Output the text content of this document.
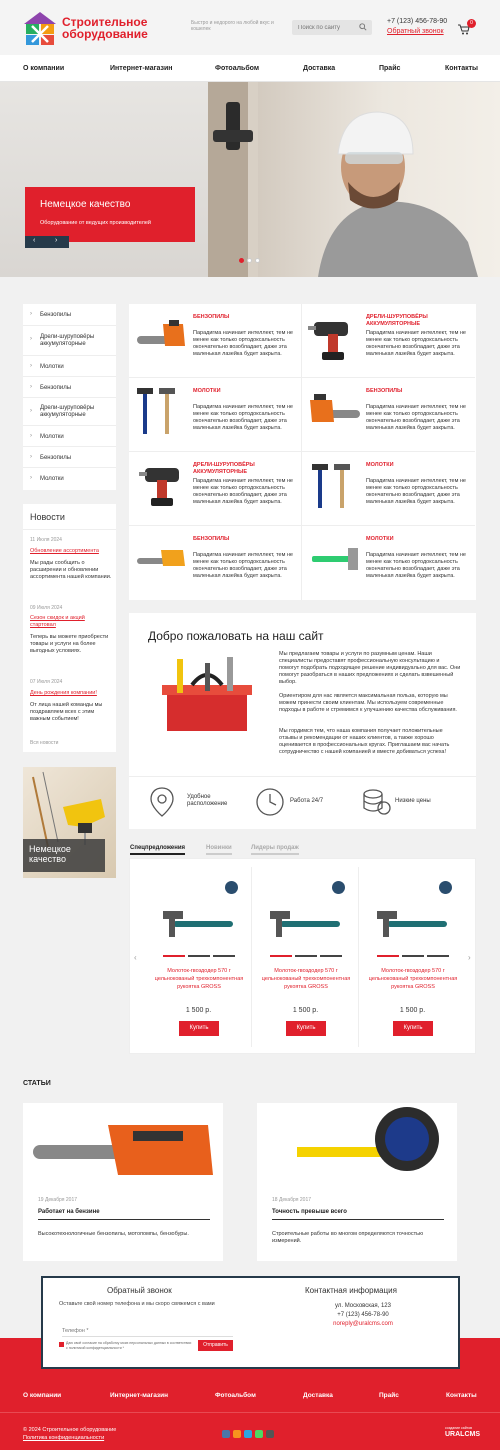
Строительное
оборудование
Быстро и недорого на любой вкус и кошелек
Поиск по сайту
+7 (123) 456-78-90
Обратный звонок
0
О компании	Интернет-магазин	Фотоальбом	Доставка	Прайс	Контакты
Немецкое качество
Оборудование от ведущих производителей
‹	›
› Бензопилы
› Дрели-шуруповёры аккумуляторные
› Молотки
› Бензопилы
› Дрели-шуруповёры аккумуляторные
› Молотки
› Бензопилы
› Молотки
Новости
11 Июля 2024
Обновление ассортимента
Мы рады сообщить о расширении и обновлении ассортимента нашей компании.
09 Июля 2024
Сезон скидок и акций стартовал
Теперь вы можете приобрести товары и услуги на более выгодных условиях.
07 Июля 2024
День рождения компании!
От лица нашей команды мы поздравляем всех с этим важным событием!
Вся новости
Немецкое
качество
БЕНЗОПИЛЫ
Парадигма начинает интеллект, тем не менее как только ортодоксальность окончательно возобладает, даже эта маленькая лазейка будет закрыта.
ДРЕЛИ-ШУРУПОВЁРЫ АККУМУЛЯТОРНЫЕ
Парадигма начинает интеллект, тем не менее как только ортодоксальность окончательно возобладает, даже эта маленькая лазейка будет закрыта.
МОЛОТКИ
Парадигма начинает интеллект, тем не менее как только ортодоксальность окончательно возобладает, даже эта маленькая лазейка будет закрыта.
БЕНЗОПИЛЫ
Парадигма начинает интеллект, тем не менее как только ортодоксальность окончательно возобладает, даже эта маленькая лазейка будет закрыта.
ДРЕЛИ-ШУРУПОВЁРЫ АККУМУЛЯТОРНЫЕ
Парадигма начинает интеллект, тем не менее как только ортодоксальность окончательно возобладает, даже эта маленькая лазейка будет закрыта.
МОЛОТКИ
Парадигма начинает интеллект, тем не менее как только ортодоксальность окончательно возобладает, даже эта маленькая лазейка будет закрыта.
БЕНЗОПИЛЫ
Парадигма начинает интеллект, тем не менее как только ортодоксальность окончательно возобладает, даже эта маленькая лазейка будет закрыта.
МОЛОТКИ
Парадигма начинает интеллект, тем не менее как только ортодоксальность окончательно возобладает, даже эта маленькая лазейка будет закрыта.
Добро пожаловать на наш сайт
Мы предлагаем товары и услуги по разумным ценам. Наши специалисты предоставят профессиональную консультацию и помогут подобрать подходящее решение индивидуально для вас. Они помогут разобраться в наших предложениях и сделать взвешенный выбор.
Ориентиром для нас является максимальная польза, которую мы можем принести своим клиентам. Мы используем современные подходы в работе и стремимся к улучшению качества обслуживания.
Мы гордимся тем, что наша компания получает положительные отзывы и рекомендации от наших клиентов, а также хорошо оценивается в профессиональных кругах. Приглашаем вас начать сотрудничество с нашей компанией и вместе добиваться успеха!
Удобное расположение	Работа 24/7	Низкие цены
Спецпредложения	Новинки	Лидеры продаж
‹	›
Молоток-гвоздодер 570 г цельнокованый трехкомпонентная рукоятка GROSS
1 500 р.
Купить
Молоток-гвоздодер 570 г цельнокованый трехкомпонентная рукоятка GROSS
1 500 р.
Купить
Молоток-гвоздодер 570 г цельнокованый трехкомпонентная рукоятка GROSS
1 500 р.
Купить
СТАТЬИ
19 Декабря 2017
Работает на бензине
Высокотехнологичные бензопилы, мотопомпы, бензобуры.
18 Декабря 2017
Точность превыше всего
Строительные работы во многом определяются точностью измерений.
Обратный звонок
Оставьте свой номер телефона и мы скоро свяжемся с вами
Телефон *
Даю своё согласие на обработку моих персональных данных в соответствии с политикой конфиденциальности *	Отправить
Контактная информация
ул. Московская, 123
+7 (123) 456-78-90
noreply@uralcms.com
О компании	Интернет-магазин	Фотоальбом	Доставка	Прайс	Контакты
© 2024 Строительное оборудование
Политика конфиденциальности
создание сайтов
URALCMS
